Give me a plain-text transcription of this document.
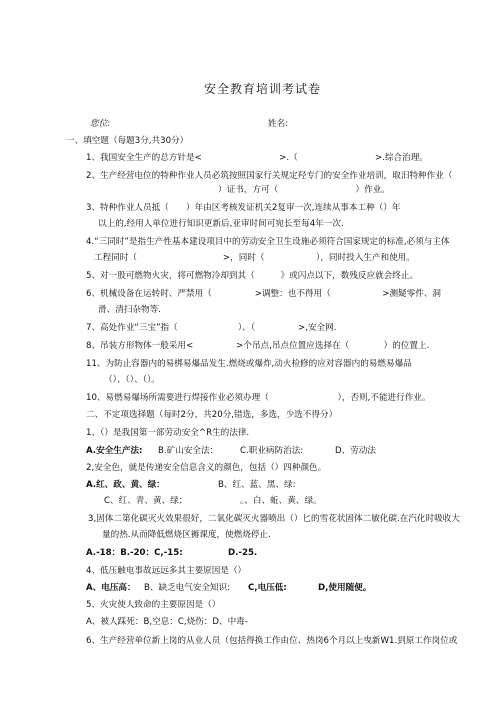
安全教育培训考试卷
您位:	姓名:
一、填空题（每题3分,共30分）
1、我国安全生产的总方针是<　　　　　　　　　>.（　　　　　　　　　>.综合治理。
2、生产经营电位的特种作业人员必筑按照国家行关规定羟专门的安全作业培训，取汨特种作业（
）证书，方可（　　　　　　　　　）作业。
3、特种作业人员抵（　　）年由区考核发证机关2复审一次,连续从事本工种（）年
以上的,经用人单位进行知识更新后,亚审时间可宛长至每4年一次.
4.“三同时”是指生产性基本建设项目中的劳动安全卫生设施必须符合国家规定的标准,必须与主体
工程同时（　　　　　　　　　　>，同时（　　　　　　），同时投入生产和使用。
5、对一股可燃物火灾，将可燃物冷却到其（　　　》或闪点以下，数残反应就会终止。
6、机械设备在运转时、严禁用（　　　　　>调整：也不得用（　　　　　　>测疑零件、洞
滑、清扫杂物等.
7、高处作业“三宝”指（　　　　　　　）、（　　　　　>,安全网.
8、吊装方形物体一般采用<　　　　　>个吊点,吊点位置应选择在（　　　　）的位置上.
11、为防止容器内的易梆易爆品发生.燃烧或爆炸,动火检修的应对容器内的易燃易爆品
（）、（）、（）。
10、易燃易爆场所需要进行焊接作业必须办理（　　　　　　　　），否则,不能进行作业。
二、不定项选择题（每时2分，共20分,错选，多选，少选不得分）
1、（）是我国第一部劳动安全^R生的法律.
A.安全生产法: B.矿山安全法：	C.职业病防治法:	D、劳动法
2,安全色，就是传递安全信息含义的颜色，包括（）四种颜色。
A.红、政、黄、绿：	B、红、蓝、黑、绿:
C、红、青、黄、绿；	。、白、蚯、黄、绿。
3,固体二第化碳灭火效果很好，二氧化碳灭火器喷出（）匕的雪花状固体二敏化碳.在汽化时吸收大
量的热.从而降低燃烧区褥课度，使燃烧停止.
A.-18：B.-20：C,-15:	D.-25.
4、低压触电事故远远多其主要原因是（）
A、电压高： B、缺乏电气安全知识: C,电压低:	D,使用随便。
5、火灾使人致命的主要原因是（）
A、被人踩死：B,空息：C,烧伤：D、中毒-
6、生产经营单位新上岗的从业人员（包括得换工作由位、热岗6个月以上曳新W1.到原工作岗位或
